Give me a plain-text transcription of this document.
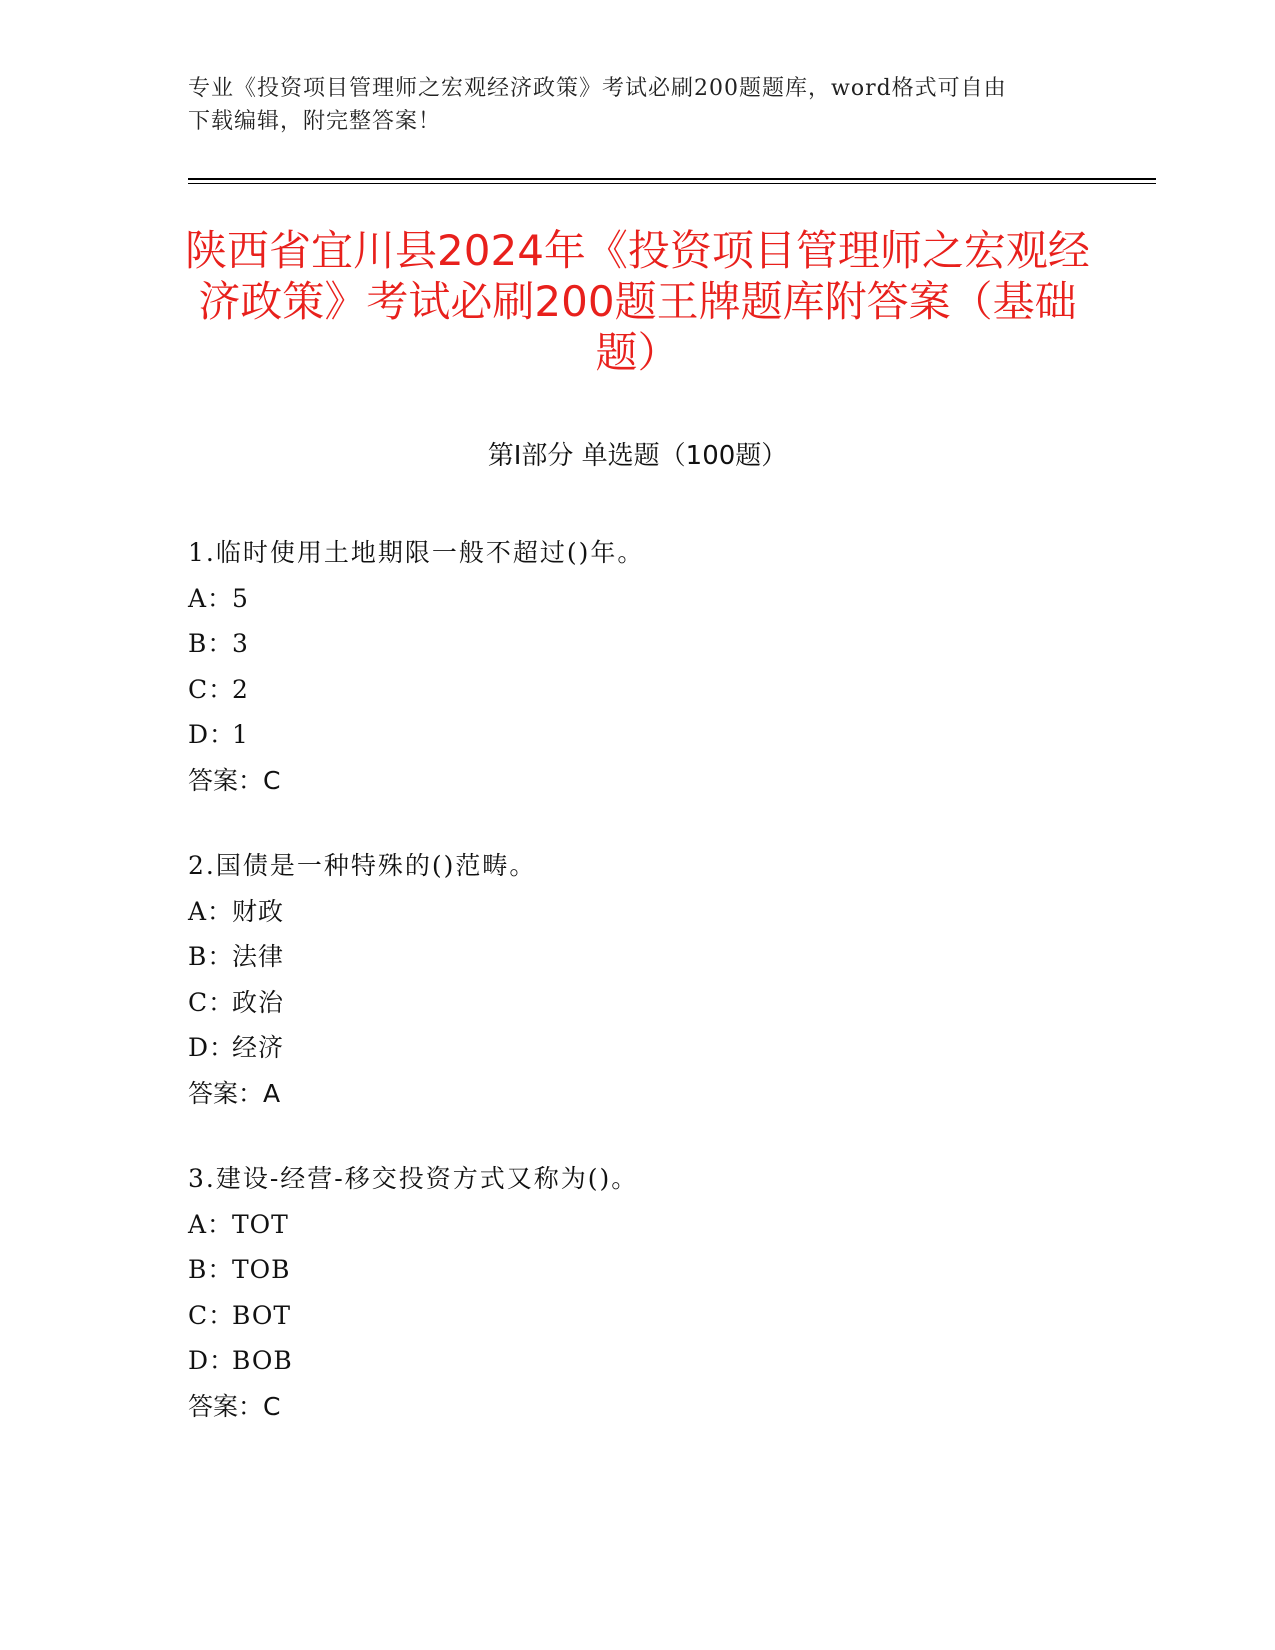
专业《投资项目管理师之宏观经济政策》考试必刷200题题库，word格式可自由
下载编辑，附完整答案！
陕西省宜川县2024年《投资项目管理师之宏观经济政策》考试必刷200题王牌题库附答案（基础题）
第Ⅰ部分 单选题（100题）
1.临时使用土地期限一般不超过()年。
A：5
B：3
C：2
D：1
答案：C
2.国债是一种特殊的()范畴。
A：财政
B：法律
C：政治
D：经济
答案：A
3.建设-经营-移交投资方式又称为()。
A：TOT
B：TOB
C：BOT
D：BOB
答案：C
